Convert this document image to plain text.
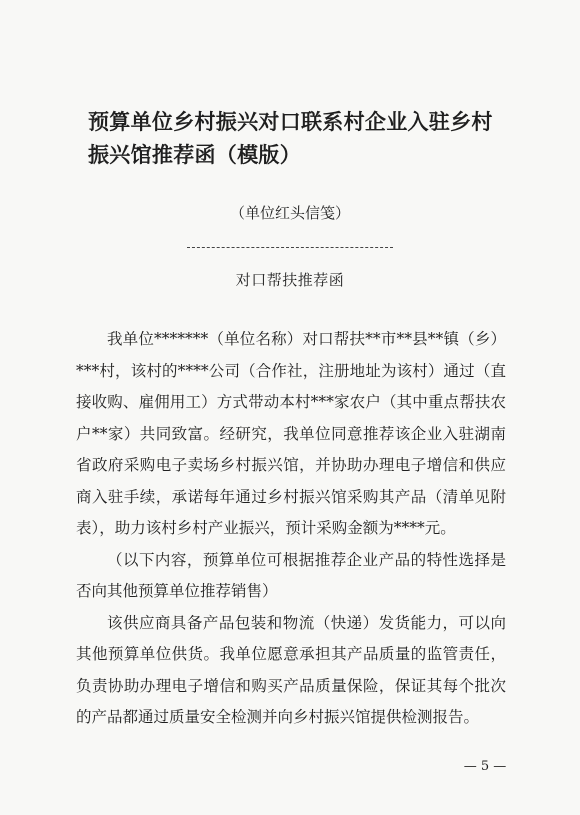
预算单位乡村振兴对口联系村企业入驻乡村
振兴馆推荐函（模版）
（单位红头信笺）
对口帮扶推荐函
我单位*******（单位名称）对口帮扶**市**县**镇（乡）
***村，该村的****公司（合作社，注册地址为该村）通过（直
接收购、雇佣用工）方式带动本村***家农户（其中重点帮扶农
户**家）共同致富。经研究，我单位同意推荐该企业入驻湖南
省政府采购电子卖场乡村振兴馆，并协助办理电子增信和供应
商入驻手续，承诺每年通过乡村振兴馆采购其产品（清单见附
表），助力该村乡村产业振兴，预计采购金额为****元。
（以下内容，预算单位可根据推荐企业产品的特性选择是
否向其他预算单位推荐销售）
该供应商具备产品包装和物流（快递）发货能力，可以向
其他预算单位供货。我单位愿意承担其产品质量的监管责任，
负责协助办理电子增信和购买产品质量保险，保证其每个批次
的产品都通过质量安全检测并向乡村振兴馆提供检测报告。
— 5 —
